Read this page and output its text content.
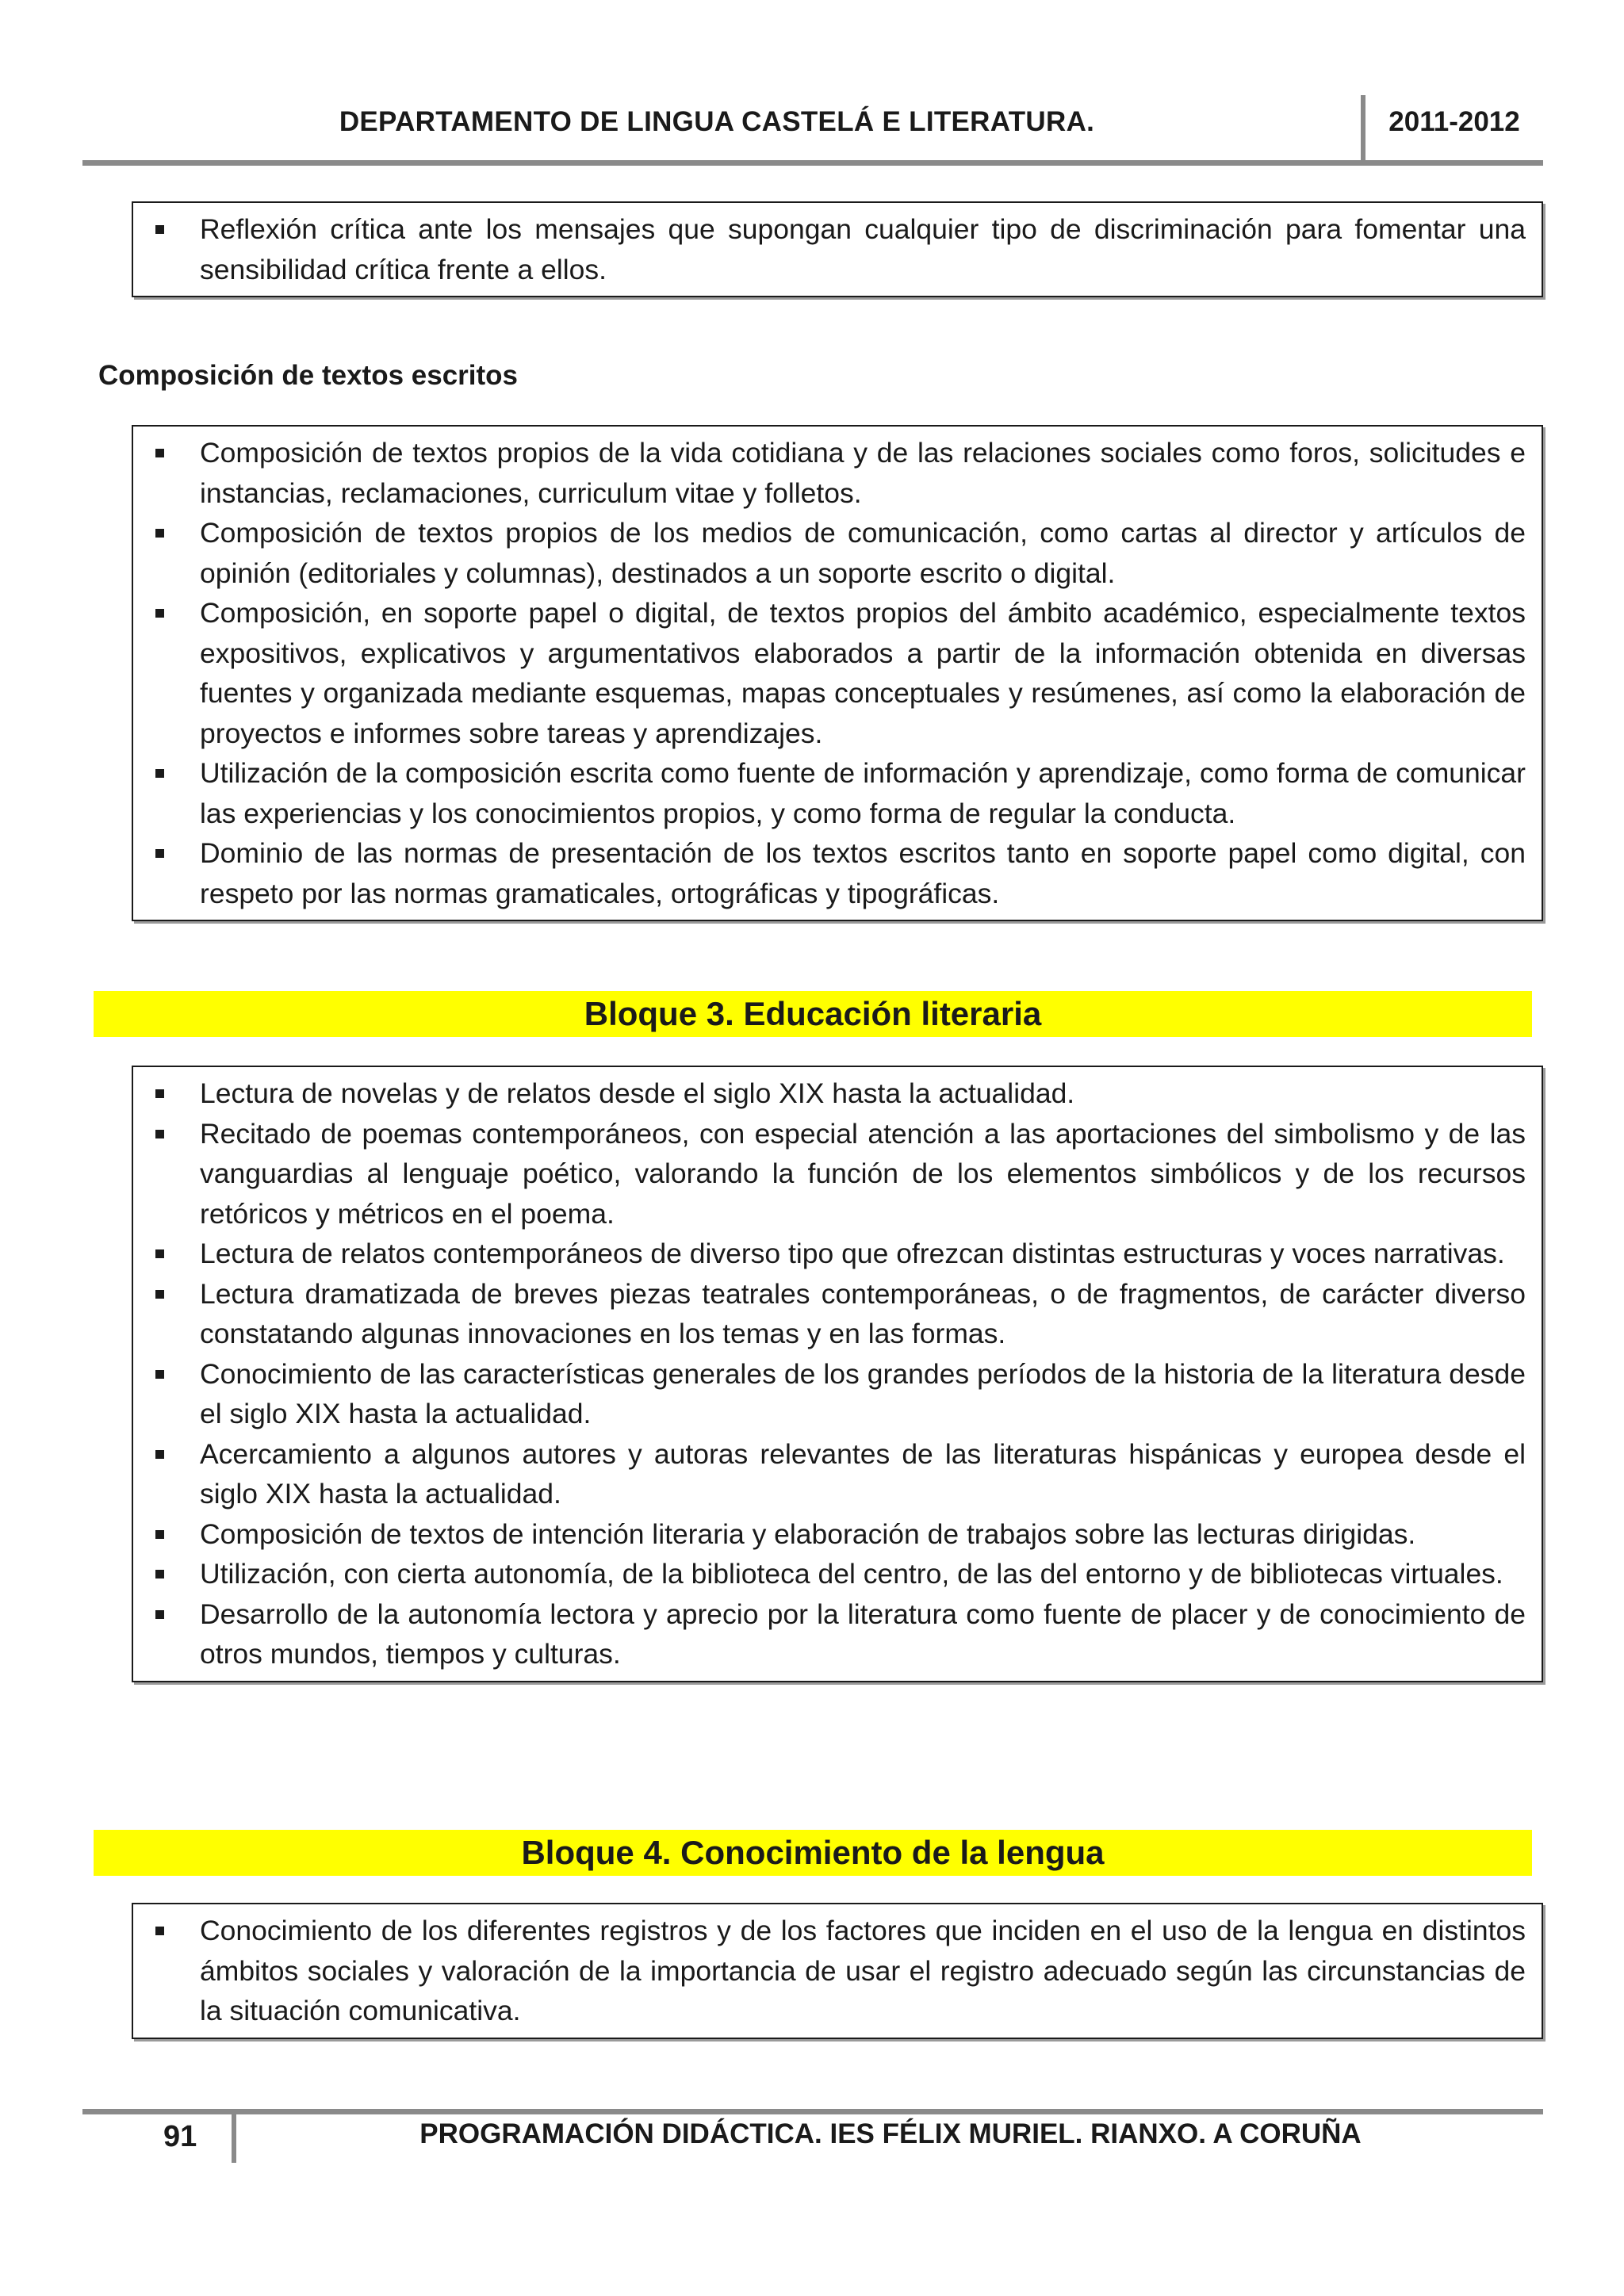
DEPARTAMENTO DE LINGUA CASTELÁ E LITERATURA.	2011-2012
Reflexión crítica ante los mensajes que supongan cualquier tipo de discriminación para fomentar una sensibilidad crítica frente a ellos.
Composición de textos escritos
Composición de textos propios de la vida cotidiana y de las relaciones sociales como foros, solicitudes e instancias, reclamaciones, curriculum vitae y folletos.
Composición de textos propios de los medios de comunicación, como cartas al director y artículos de opinión (editoriales y columnas), destinados a un soporte escrito o digital.
Composición, en soporte papel o digital, de textos propios del ámbito académico, especialmente textos expositivos, explicativos y argumentativos elaborados a partir de la información obtenida en diversas fuentes y organizada mediante esquemas, mapas conceptuales y resúmenes, así como la elaboración de proyectos e informes sobre tareas y aprendizajes.
Utilización de la composición escrita como fuente de información y aprendizaje, como forma de comunicar las experiencias y los conocimientos propios, y como forma de regular la conducta.
Dominio de las normas de presentación de los textos escritos tanto en soporte papel como digital, con respeto por las normas gramaticales, ortográficas y tipográficas.
Bloque 3. Educación literaria
Lectura de novelas y de relatos desde el siglo XIX hasta la actualidad.
Recitado de poemas contemporáneos, con especial atención a las aportaciones del simbolismo y de las vanguardias al lenguaje poético, valorando la función de los elementos simbólicos y de los recursos retóricos y métricos en el poema.
Lectura de relatos contemporáneos de diverso tipo que ofrezcan distintas estructuras y voces narrativas.
Lectura dramatizada de breves piezas teatrales contemporáneas, o de fragmentos, de carácter diverso constatando algunas innovaciones en los temas y en las formas.
Conocimiento de las características generales de los grandes períodos de la historia de la literatura desde el siglo XIX hasta la actualidad.
Acercamiento a algunos autores y autoras relevantes de las literaturas hispánicas y europea desde el siglo XIX hasta la actualidad.
Composición de textos de intención literaria y elaboración de trabajos sobre las lecturas dirigidas.
Utilización, con cierta autonomía, de la biblioteca del centro, de las del entorno y de bibliotecas virtuales.
Desarrollo de la autonomía lectora y aprecio por la literatura como fuente de placer y de conocimiento de otros mundos, tiempos y culturas.
Bloque 4. Conocimiento de la lengua
Conocimiento de los diferentes registros y de los factores que inciden en el uso de la lengua en distintos ámbitos sociales y valoración de la importancia de usar el registro adecuado según las circunstancias de la situación comunicativa.
91	PROGRAMACIÓN DIDÁCTICA. IES FÉLIX MURIEL. RIANXO. A CORUÑA
